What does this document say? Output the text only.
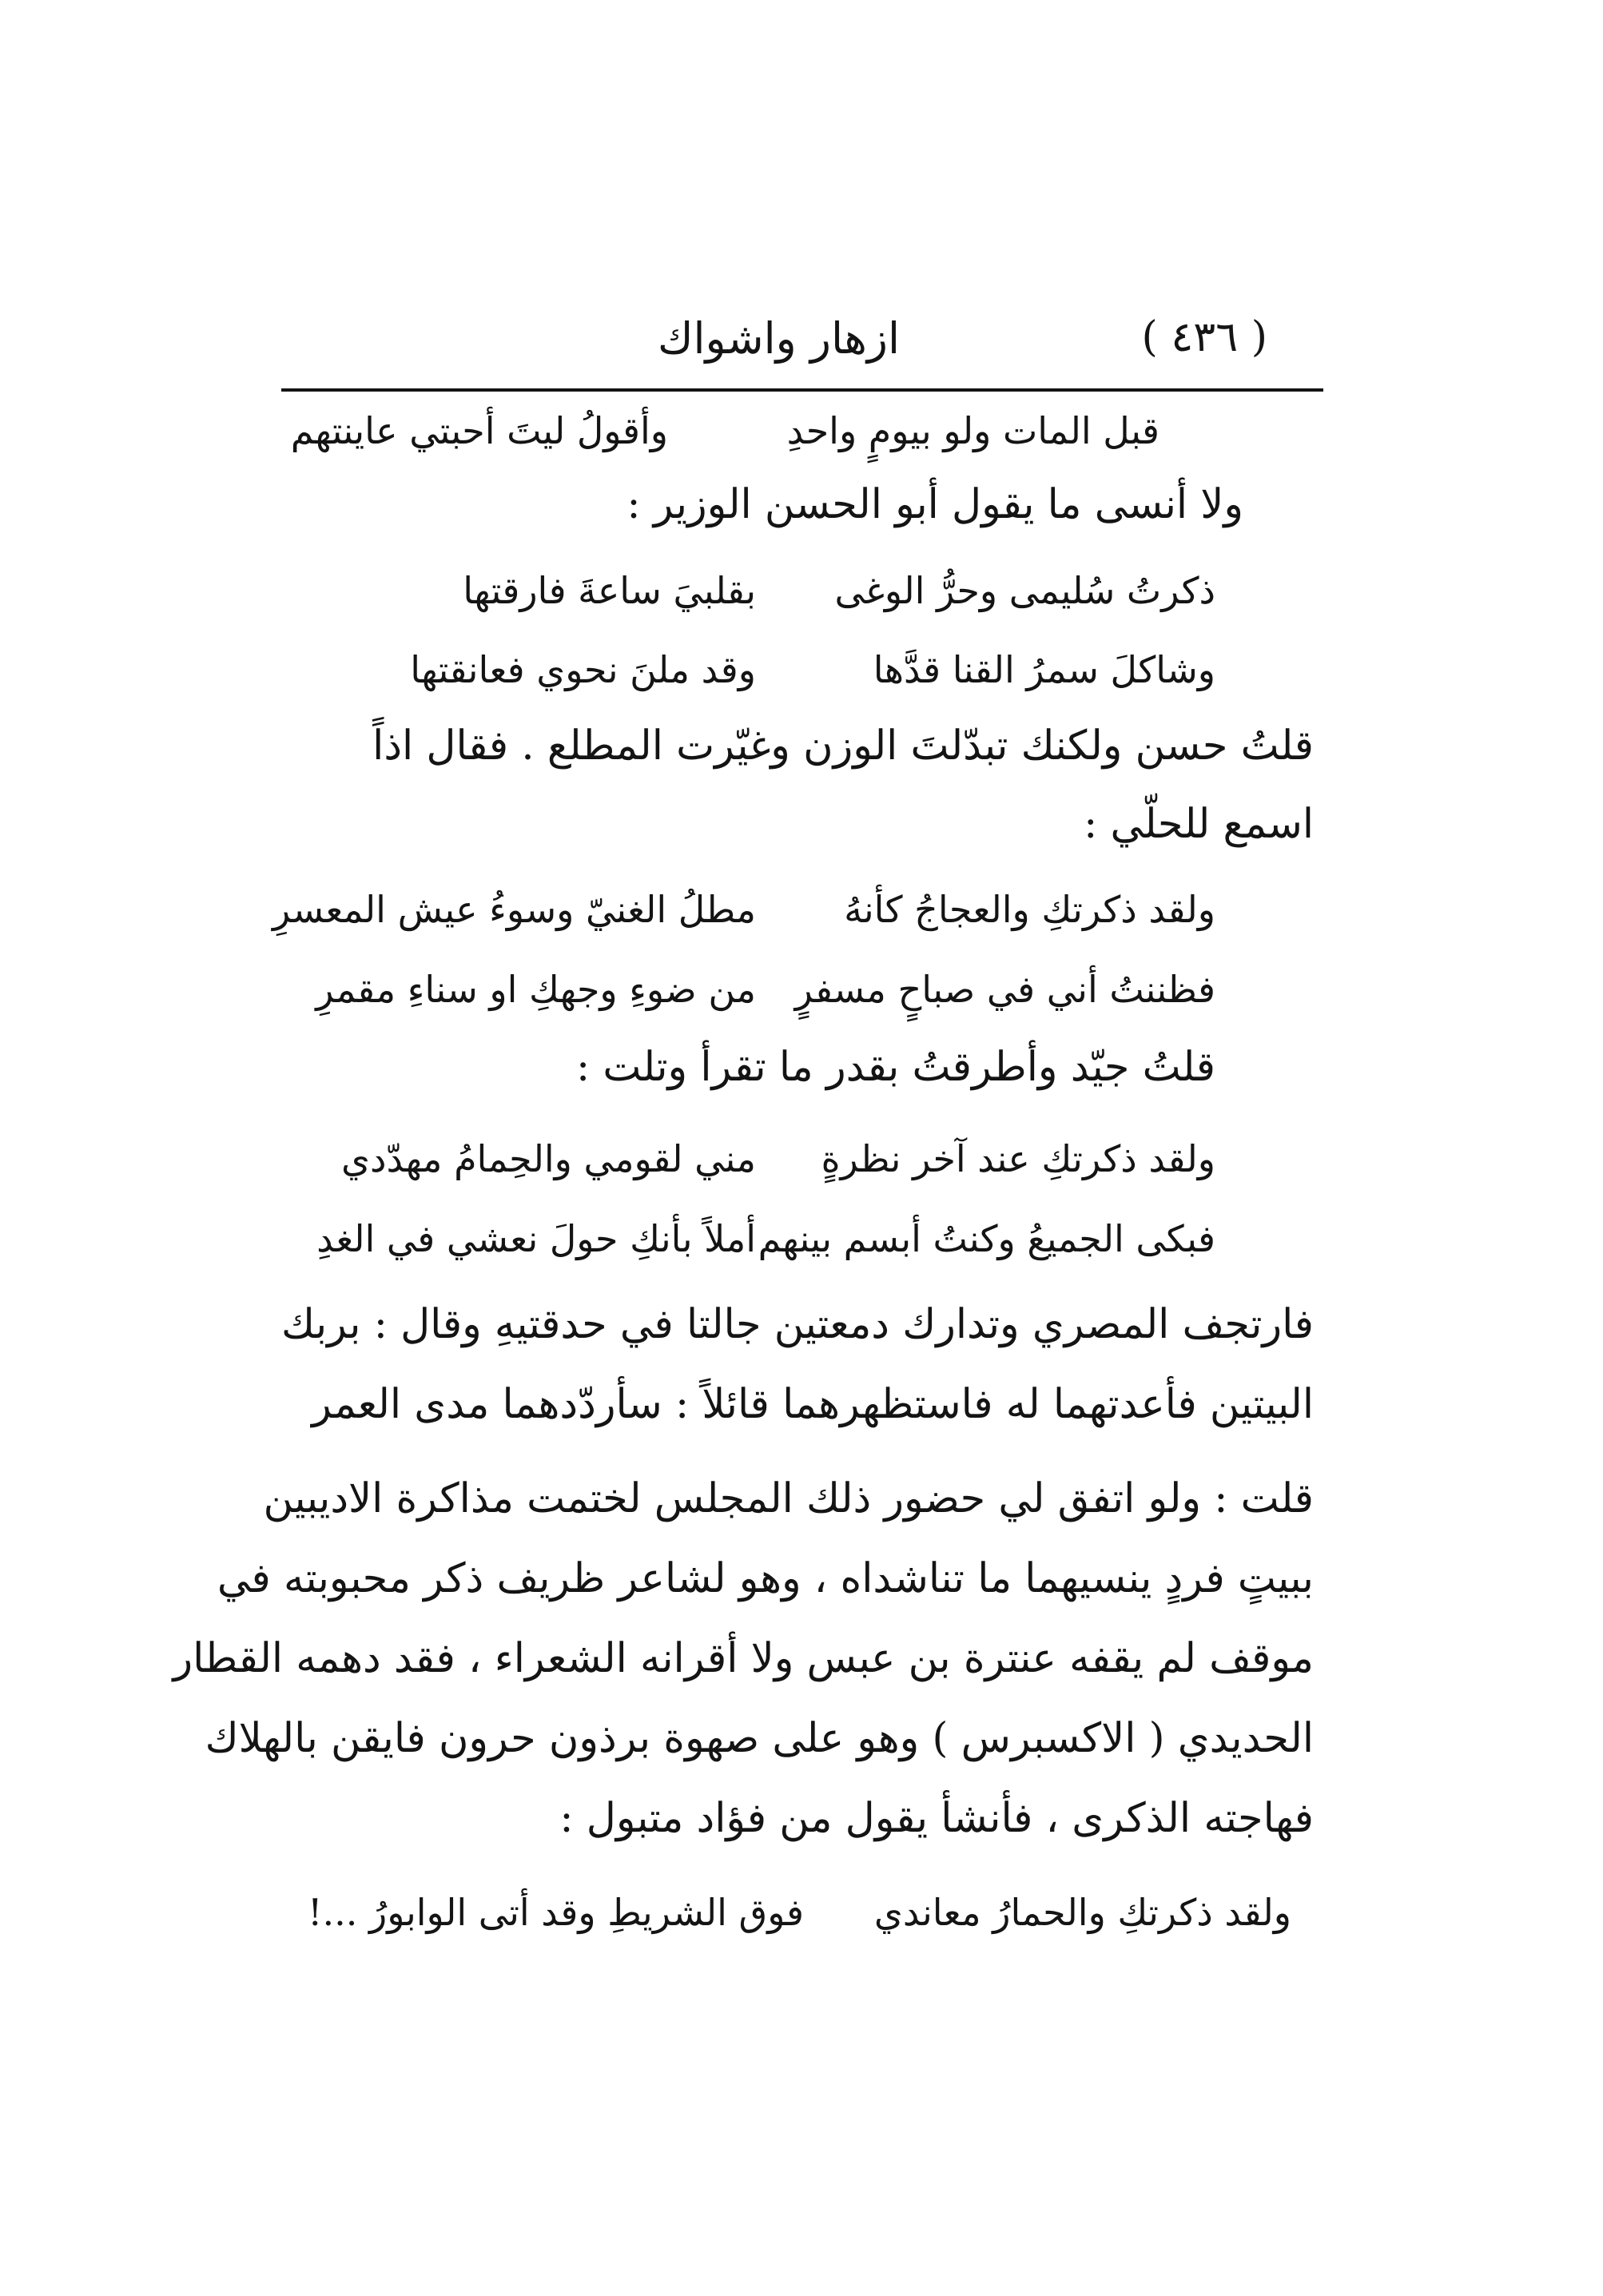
ازهار واشواك	( ٤٣٦ )
وأقولُ ليتَ أحبتي عاينتهم	قبل المات ولو بيومٍ واحدِ
ولا أنسى ما يقول أبو الحسن الوزير :
ذكرتُ سُليمى وحرُّ الوغى
بقلبيَ ساعةَ فارقتها
وشاكلَ سمرُ القنا قدَّها
وقد ملنَ نحوي فعانقتها
قلتُ حسن ولكنك تبدّلتَ الوزن وغيّرت المطلع . فقال اذاً
اسمع للحلّي :
ولقد ذكرتكِ والعجاجُ كأنهُ
مطلُ الغنيّ وسوءُ عيش المعسرِ
فظننتُ أني في صباحٍ مسفرٍ
من ضوءِ وجهكِ او سناءِ مقمرِ
قلتُ جيّد وأطرقتُ بقدر ما تقرأ وتلت :
ولقد ذكرتكِ عند آخر نظرةٍ
مني لقومي والحِمامُ مهدّدي
فبكى الجميعُ وكنتُ أبسم بينهم
أملاً بأنكِ حولَ نعشي في الغدِ
فارتجف المصري وتدارك دمعتين جالتا في حدقتيهِ وقال : بربك
البيتين فأعدتهما له فاستظهرهما قائلاً : سأردّدهما مدى العمر
قلت : ولو اتفق لي حضور ذلك المجلس لختمت مذاكرة الاديبين
ببيتٍ فردٍ ينسيهما ما تناشداه ، وهو لشاعر ظريف ذكر محبوبته في
موقف لم يقفه عنترة بن عبس ولا أقرانه الشعراء ، فقد دهمه القطار
الحديدي ( الاكسبرس ) وهو على صهوة برذون حرون فايقن بالهلاك
فهاجته الذكرى ، فأنشأ يقول من فؤاد متبول :
ولقد ذكرتكِ والحمارُ معاندي
فوق الشريطِ وقد أتى الوابورُ ...!
